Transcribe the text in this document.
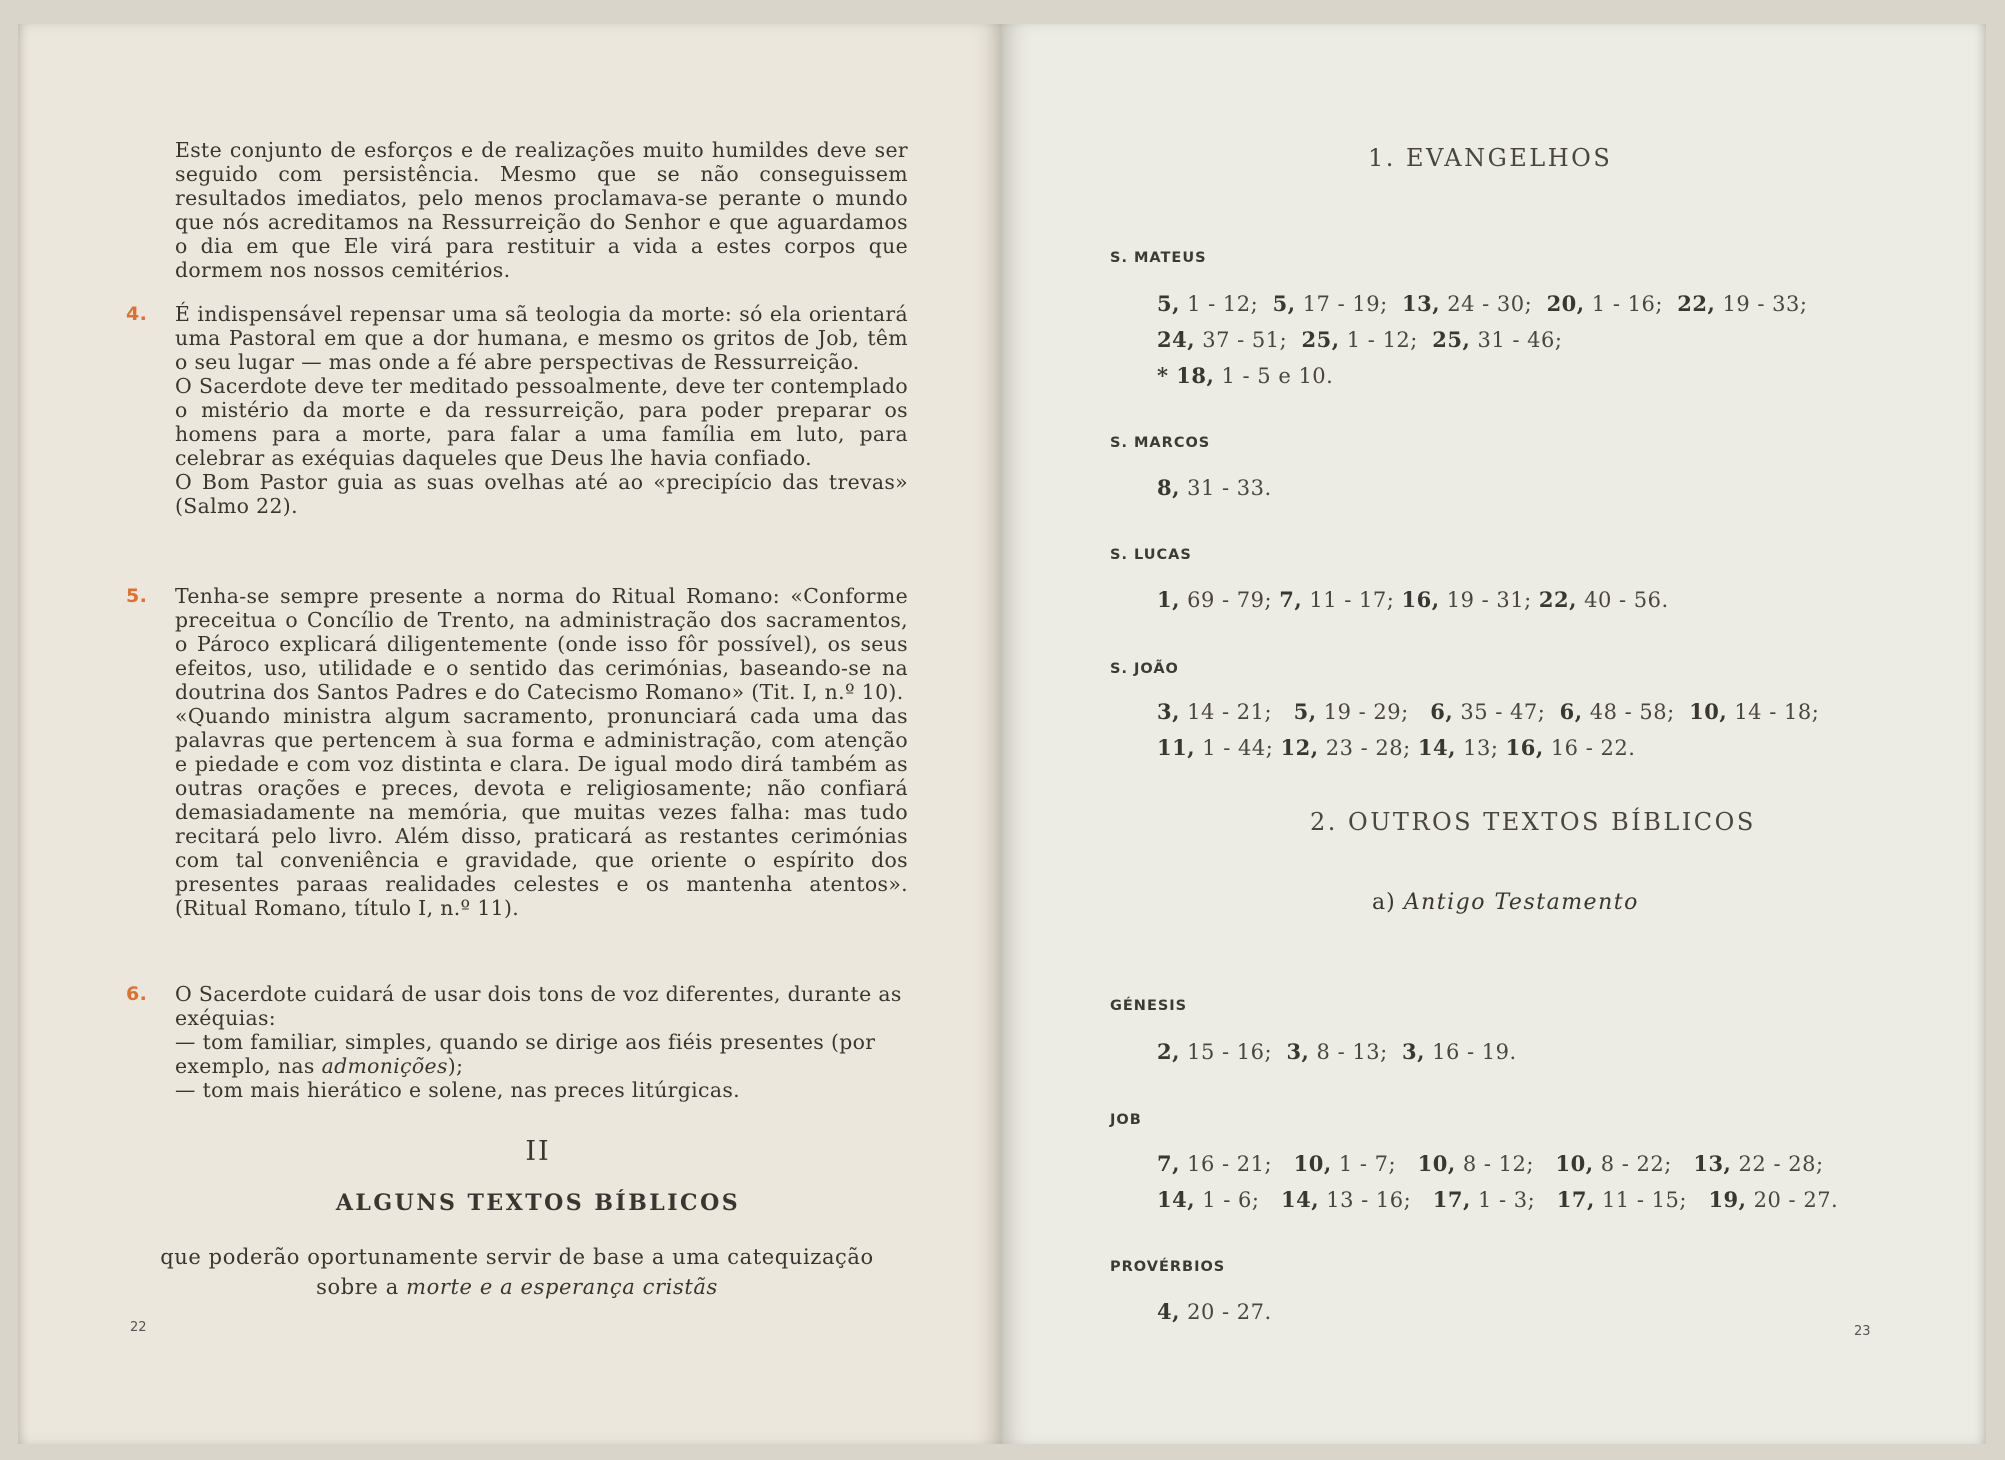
Este conjunto de esforços e de realizações muito humildes deve ser seguido com persistência. Mesmo que se não conseguissem resultados imediatos, pelo menos proclamava-se perante o mundo que nós acreditamos na Ressurreição do Senhor e que aguardamos o dia em que Ele virá para restituir a vida a estes corpos que dormem nos nossos cemitérios.

4. É indispensável repensar uma sã teologia da morte: só ela orientará uma Pastoral em que a dor humana, e mesmo os gritos de Job, têm o seu lugar — mas onde a fé abre perspectivas de Ressurreição.

O Sacerdote deve ter meditado pessoalmente, deve ter contemplado o mistério da morte e da ressurreição, para poder preparar os homens para a morte, para falar a uma família em luto, para celebrar as exéquias daqueles que Deus lhe havia confiado.

O Bom Pastor guia as suas ovelhas até ao «precipício das trevas» (Salmo 22).

5. Tenha-se sempre presente a norma do Ritual Romano: «Conforme preceitua o Concílio de Trento, na administração dos sacramentos, o Pároco explicará diligentemente (onde isso fôr possível), os seus efeitos, uso, utilidade e o sentido das cerimónias, baseando-se na doutrina dos Santos Padres e do Catecismo Romano» (Tit. I, n.º 10).

«Quando ministra algum sacramento, pronunciará cada uma das palavras que pertencem à sua forma e administração, com atenção e piedade e com voz distinta e clara. De igual modo dirá também as outras orações e preces, devota e religiosamente; não confiará demasiadamente na memória, que muitas vezes falha: mas tudo recitará pelo livro. Além disso, praticará as restantes cerimónias com tal conveniência e gravidade, que oriente o espírito dos presentes paraas realidades celestes e os mantenha atentos». (Ritual Romano, título I, n.º 11).

6. O Sacerdote cuidará de usar dois tons de voz diferentes, durante as exéquias:

— tom familiar, simples, quando se dirige aos fiéis presentes (por exemplo, nas admonições);

— tom mais hierático e solene, nas preces litúrgicas.

II
ALGUNS TEXTOS BÍBLICOS
que poderão oportunamente servir de base a uma catequização
sobre a morte e a esperança cristãs
22
1. EVANGELHOS
S. MATEUS
5, 1 - 12;  5, 17 - 19;  13, 24 - 30;  20, 1 - 16;  22, 19 - 33;
24, 37 - 51;  25, 1 - 12;  25, 31 - 46;
* 18, 1 - 5 e 10.
S. MARCOS
8, 31 - 33.
S. LUCAS
1, 69 - 79; 7, 11 - 17; 16, 19 - 31; 22, 40 - 56.
S. JOÃO
3, 14 - 21;   5, 19 - 29;   6, 35 - 47;  6, 48 - 58;  10, 14 - 18;
11, 1 - 44; 12, 23 - 28; 14, 13; 16, 16 - 22.
2. OUTROS TEXTOS BÍBLICOS
a) Antigo Testamento
GÉNESIS
2, 15 - 16;  3, 8 - 13;  3, 16 - 19.
JOB
7, 16 - 21;   10, 1 - 7;   10, 8 - 12;   10, 8 - 22;   13, 22 - 28;
14, 1 - 6;   14, 13 - 16;   17, 1 - 3;   17, 11 - 15;   19, 20 - 27.
PROVÉRBIOS
4, 20 - 27.
23
